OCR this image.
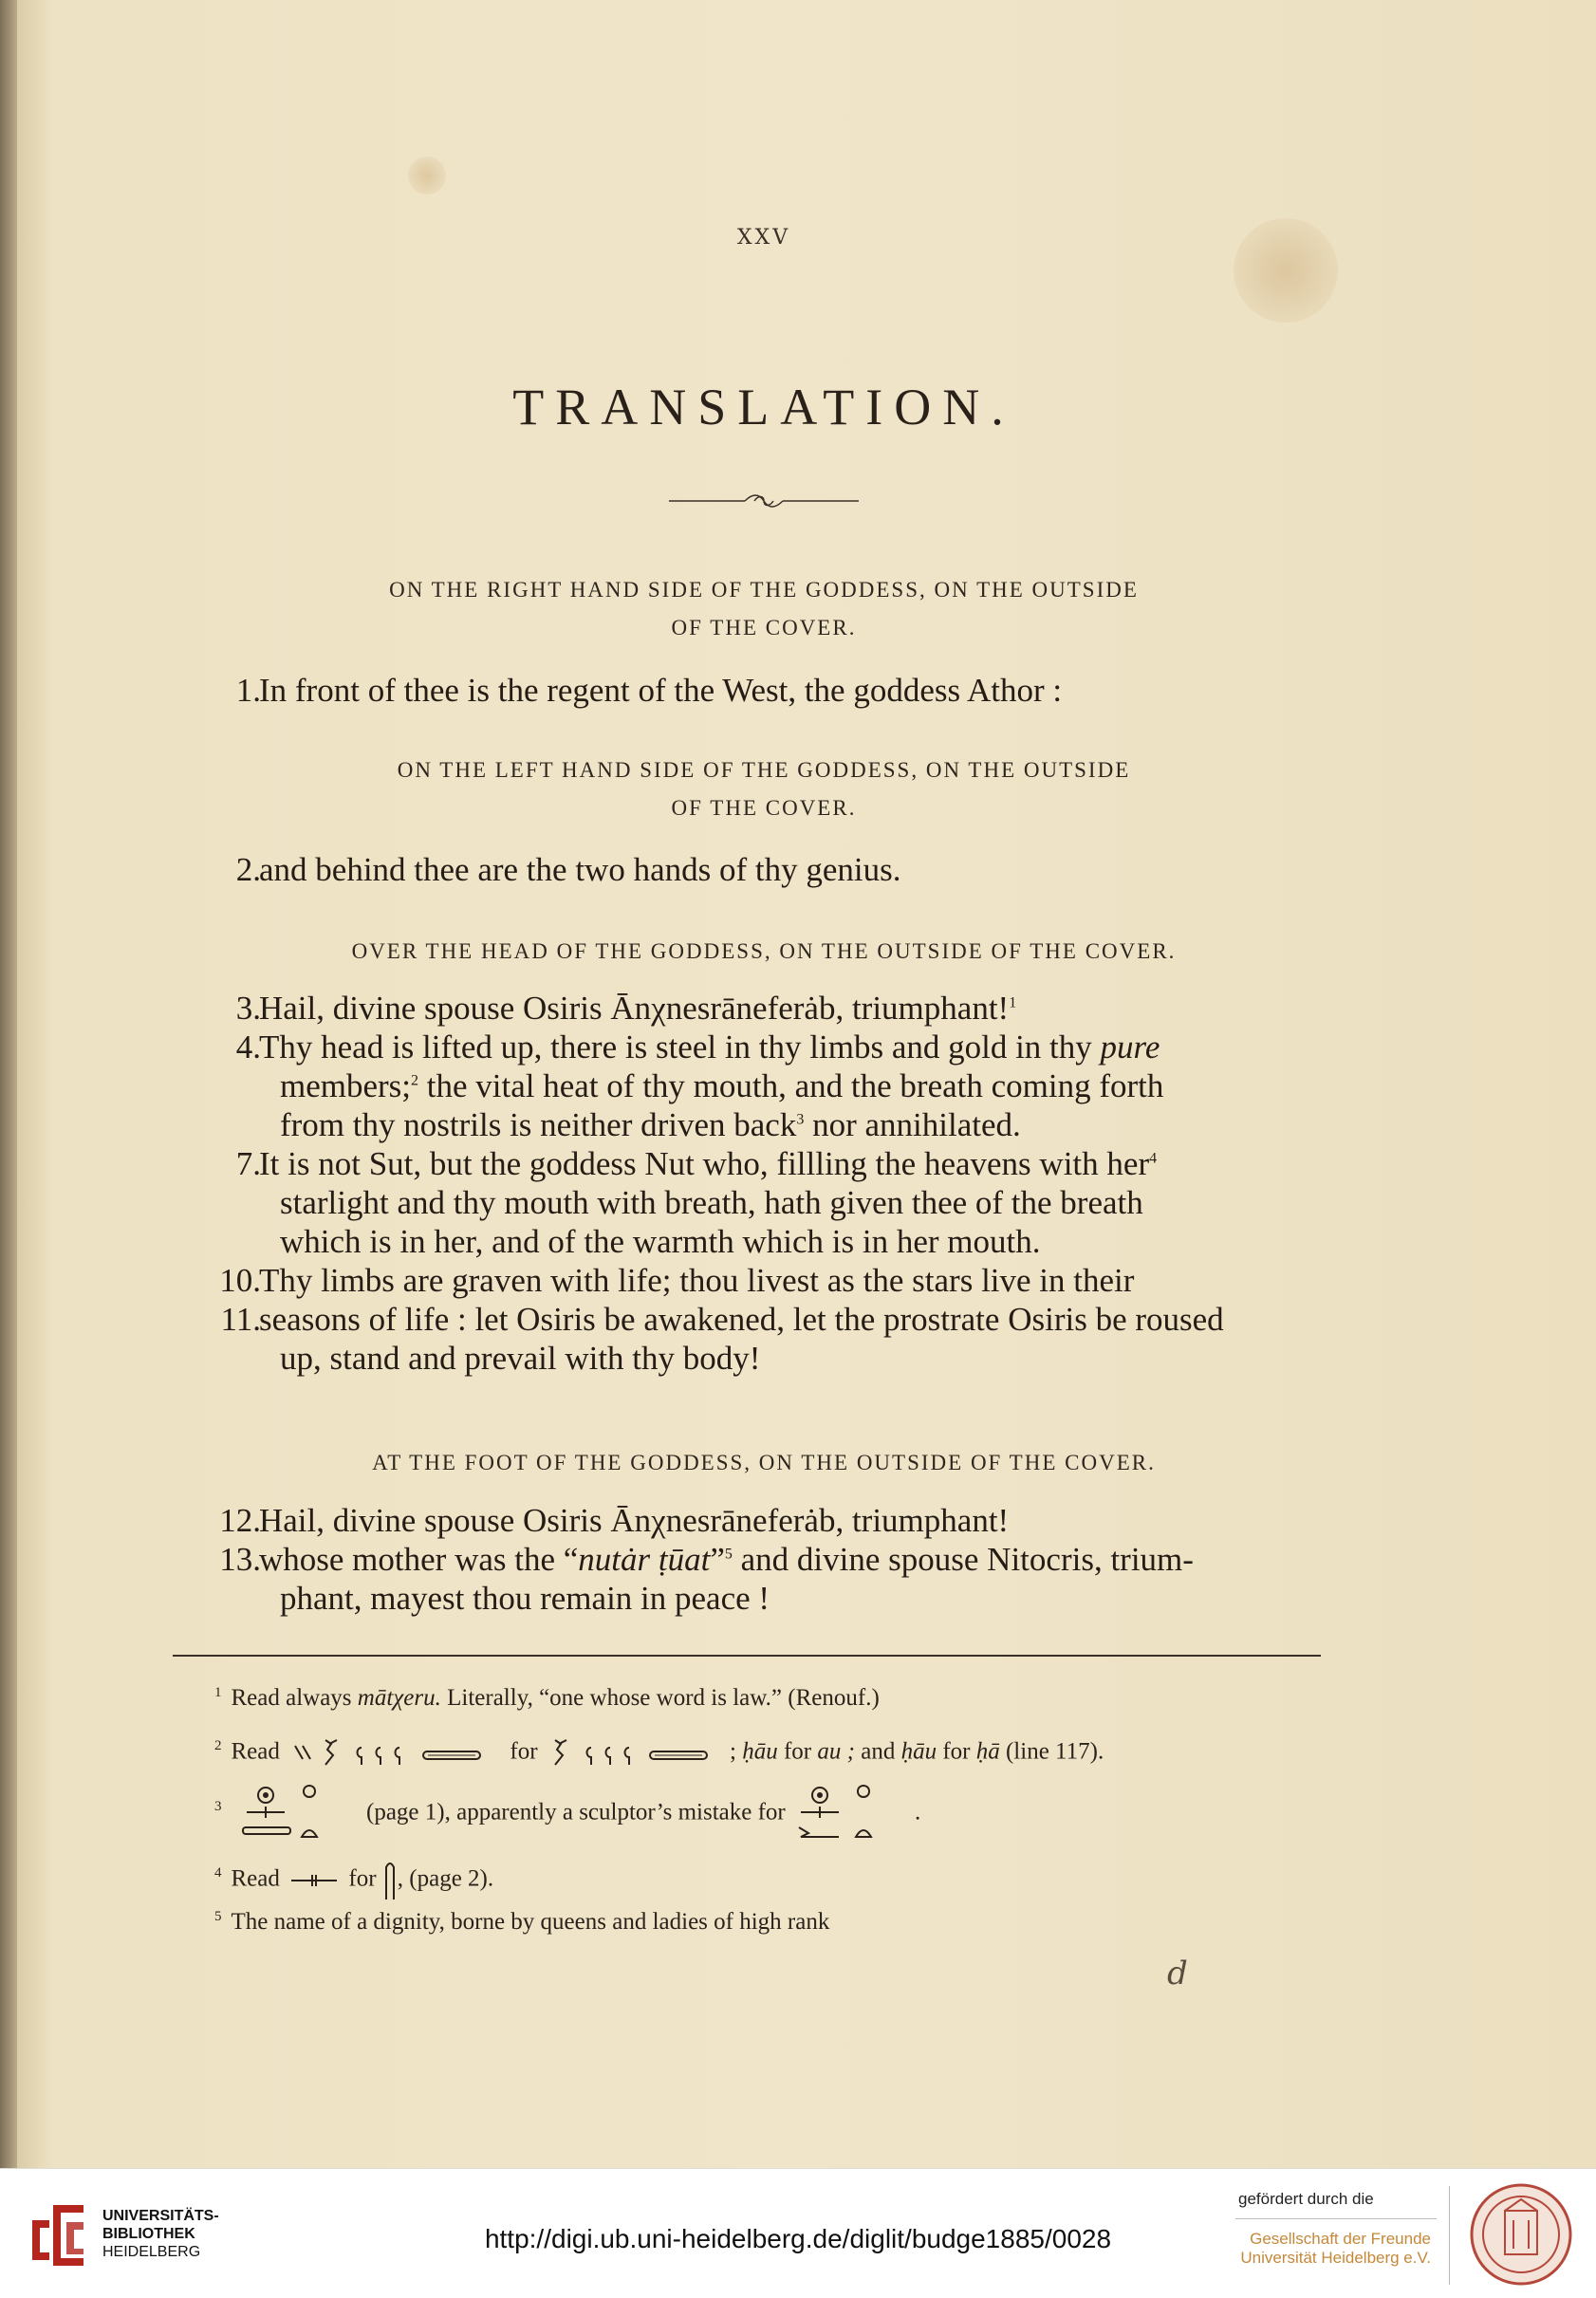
XXV
TRANSLATION.
ON THE RIGHT HAND SIDE OF THE GODDESS, ON THE OUTSIDE
OF THE COVER.
1.
In front of thee is the regent of the West, the goddess Athor :
ON THE LEFT HAND SIDE OF THE GODDESS, ON THE OUTSIDE
OF THE COVER.
2.
and behind thee are the two hands of thy genius.
OVER THE HEAD OF THE GODDESS, ON THE OUTSIDE OF THE COVER.
3.
Hail, divine spouse Osiris Ānχnesrāneferȧb, triumphant!$^1$
4.
Thy head is lifted up, there is steel in thy limbs and gold in thy pure
members;$^2$ the vital heat of thy mouth, and the breath coming forth
from thy nostrils is neither driven back$^3$ nor annihilated.
7.
It is not Sut, but the goddess Nut who, fillling the heavens with her$^4$
starlight and thy mouth with breath, hath given thee of the breath
which is in her, and of the warmth which is in her mouth.
10.
Thy limbs are graven with life; thou livest as the stars live in their
11.
seasons of life : let Osiris be awakened, let the prostrate Osiris be roused
up, stand and prevail with thy body!
AT THE FOOT OF THE GODDESS, ON THE OUTSIDE OF THE COVER.
12.
Hail, divine spouse Osiris Ānχnesrāneferȧb, triumphant!
13.
whose mother was the “nutȧr ṭūat”$^5$ and divine spouse Nitocris, trium-
phant, mayest thou remain in peace !
$^1$ Read always mātχeru. Literally, “one whose word is law.” (Renouf.)
$^2$ Read	for	; ḥāu for au ; and ḥāu for ḥā (line 117).
$^3$	(page 1), apparently a sculptor’s mistake for	.
$^4$ Read	for , (page 2).
$^5$ The name of a dignity, borne by queens and ladies of high rank
d
UNIVERSITÄTS-
BIBLIOTHEK
HEIDELBERG	http://digi.ub.uni-heidelberg.de/diglit/budge1885/0028
gefördert durch die
Gesellschaft der Freunde
Universität Heidelberg e.V.
